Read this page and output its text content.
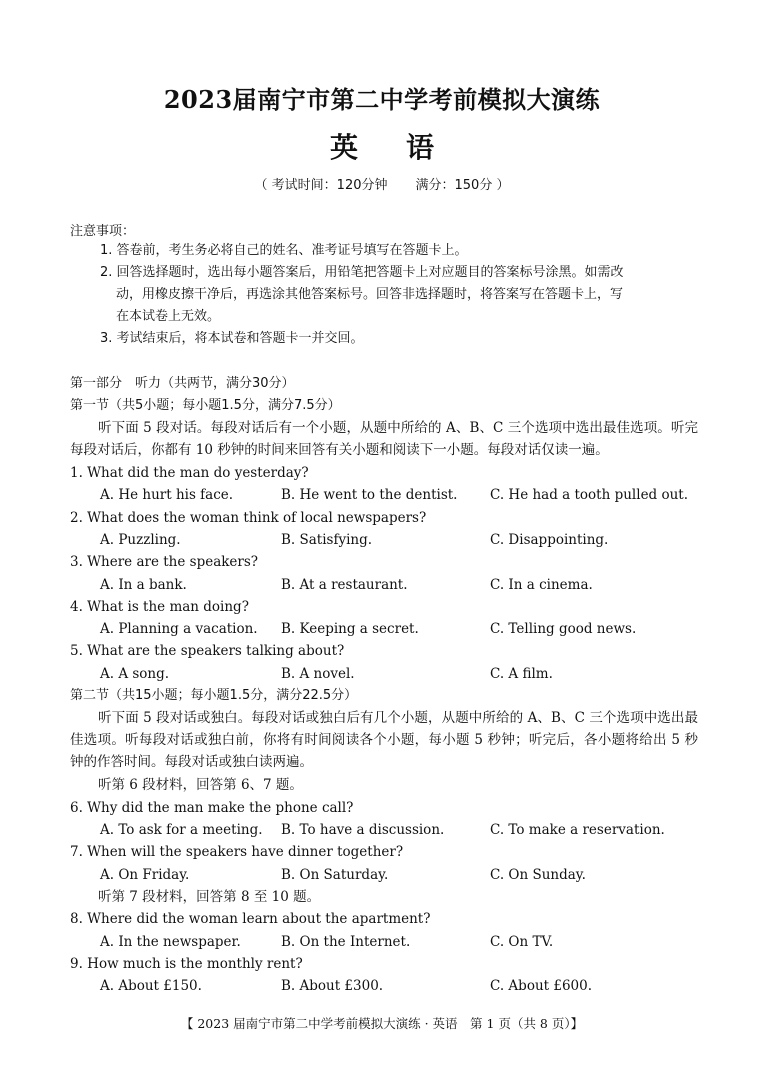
2023届南宁市第二中学考前模拟大演练
英 语
（ 考试时间：120分钟 满分：150分 ）
注意事项：
1. 答卷前，考生务必将自己的姓名、准考证号填写在答题卡上。
2. 回答选择题时，选出每小题答案后，用铅笔把答题卡上对应题目的答案标号涂黑。如需改
动，用橡皮擦干净后，再选涂其他答案标号。回答非选择题时，将答案写在答题卡上，写
在本试卷上无效。
3. 考试结束后，将本试卷和答题卡一并交回。
第一部分　听力（共两节，满分30分）
第一节（共5小题；每小题1.5分，满分7.5分）
听下面 5 段对话。每段对话后有一个小题，从题中所给的 A、B、C 三个选项中选出最佳选项。听完每段对话后，你都有 10 秒钟的时间来回答有关小题和阅读下一小题。每段对话仅读一遍。
1. What did the man do yesterday?
A. He hurt his face.	B. He went to the dentist. C. He had a tooth pulled out.
2. What does the woman think of local newspapers?
A. Puzzling.	B. Satisfying.	C. Disappointing.
3. Where are the speakers?
A. In a bank.	B. At a restaurant.	C. In a cinema.
4. What is the man doing?
A. Planning a vacation. B. Keeping a secret.	C. Telling good news.
5. What are the speakers talking about?
A. A song.	B. A novel.	C. A film.
第二节（共15小题；每小题1.5分，满分22.5分）
听下面 5 段对话或独白。每段对话或独白后有几个小题，从题中所给的 A、B、C 三个选项中选出最佳选项。听每段对话或独白前，你将有时间阅读各个小题，每小题 5 秒钟；听完后，各小题将给出 5 秒钟的作答时间。每段对话或独白读两遍。
听第 6 段材料，回答第 6、7 题。
6. Why did the man make the phone call?
A. To ask for a meeting. B. To have a discussion.	C. To make a reservation.
7. When will the speakers have dinner together?
A. On Friday.	B. On Saturday.	C. On Sunday.
听第 7 段材料，回答第 8 至 10 题。
8. Where did the woman learn about the apartment?
A. In the newspaper.	B. On the Internet.	C. On TV.
9. How much is the monthly rent?
A. About £150.	B. About £300.	C. About £600.
【 2023 届南宁市第二中学考前模拟大演练 · 英语　第 1 页（共 8 页）】
